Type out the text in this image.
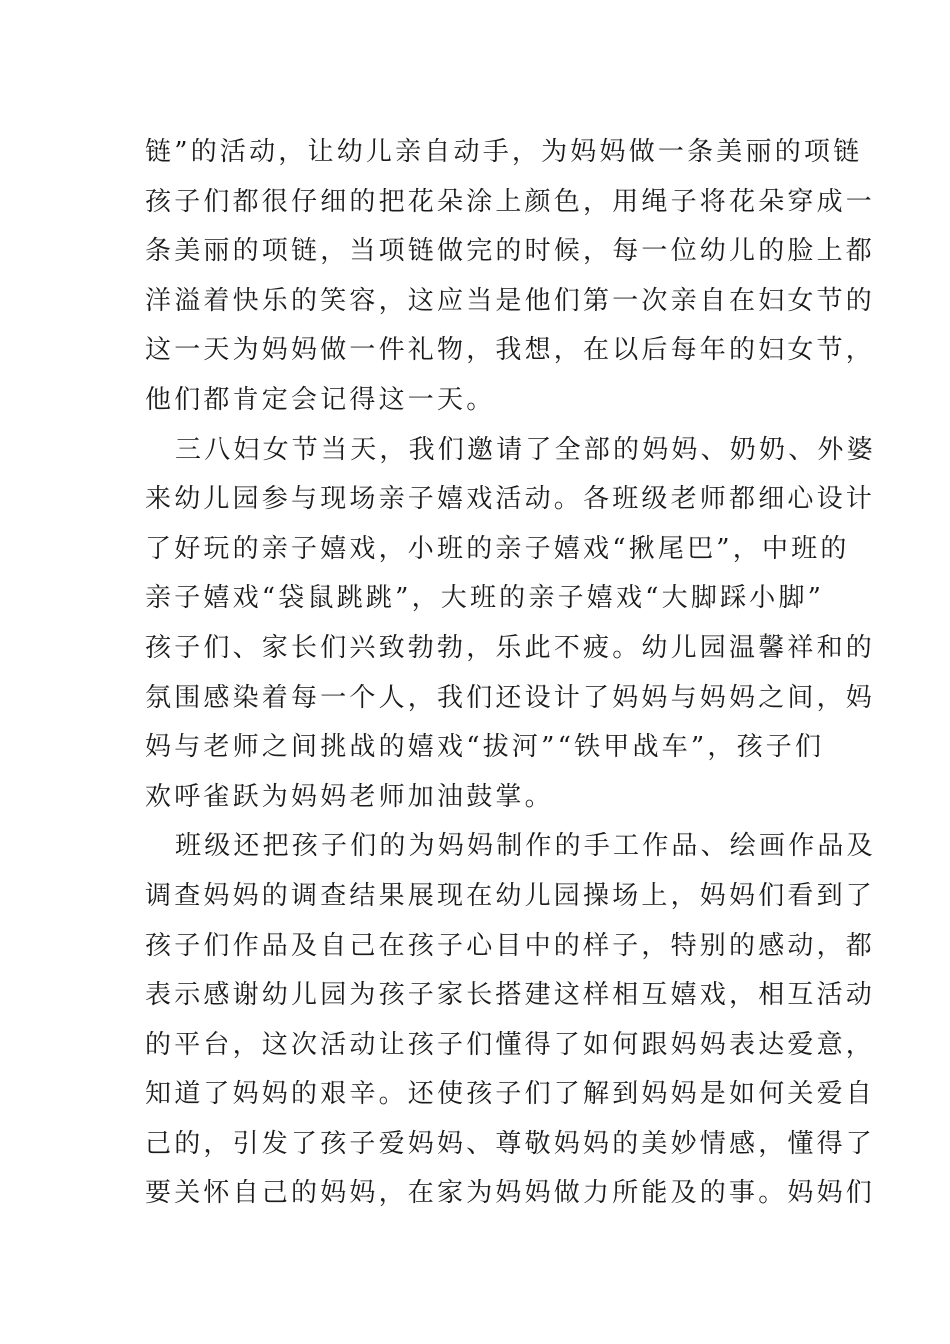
链”的活动，让幼儿亲自动手，为妈妈做一条美丽的项链
孩子们都很仔细的把花朵涂上颜色，用绳子将花朵穿成一
条美丽的项链，当项链做完的时候，每一位幼儿的脸上都
洋溢着快乐的笑容，这应当是他们第一次亲自在妇女节的
这一天为妈妈做一件礼物，我想，在以后每年的妇女节，
他们都肯定会记得这一天。
三八妇女节当天，我们邀请了全部的妈妈、奶奶、外婆
来幼儿园参与现场亲子嬉戏活动。各班级老师都细心设计
了好玩的亲子嬉戏，小班的亲子嬉戏“揪尾巴”，中班的
亲子嬉戏“袋鼠跳跳”，大班的亲子嬉戏“大脚踩小脚”
孩子们、家长们兴致勃勃，乐此不疲。幼儿园温馨祥和的
氛围感染着每一个人，我们还设计了妈妈与妈妈之间，妈
妈与老师之间挑战的嬉戏“拔河”“铁甲战车”，孩子们
欢呼雀跃为妈妈老师加油鼓掌。
班级还把孩子们的为妈妈制作的手工作品、绘画作品及
调查妈妈的调查结果展现在幼儿园操场上，妈妈们看到了
孩子们作品及自己在孩子心目中的样子，特别的感动，都
表示感谢幼儿园为孩子家长搭建这样相互嬉戏，相互活动
的平台，这次活动让孩子们懂得了如何跟妈妈表达爱意，
知道了妈妈的艰辛。还使孩子们了解到妈妈是如何关爱自
己的，引发了孩子爱妈妈、尊敬妈妈的美妙情感，懂得了
要关怀自己的妈妈，在家为妈妈做力所能及的事。妈妈们
